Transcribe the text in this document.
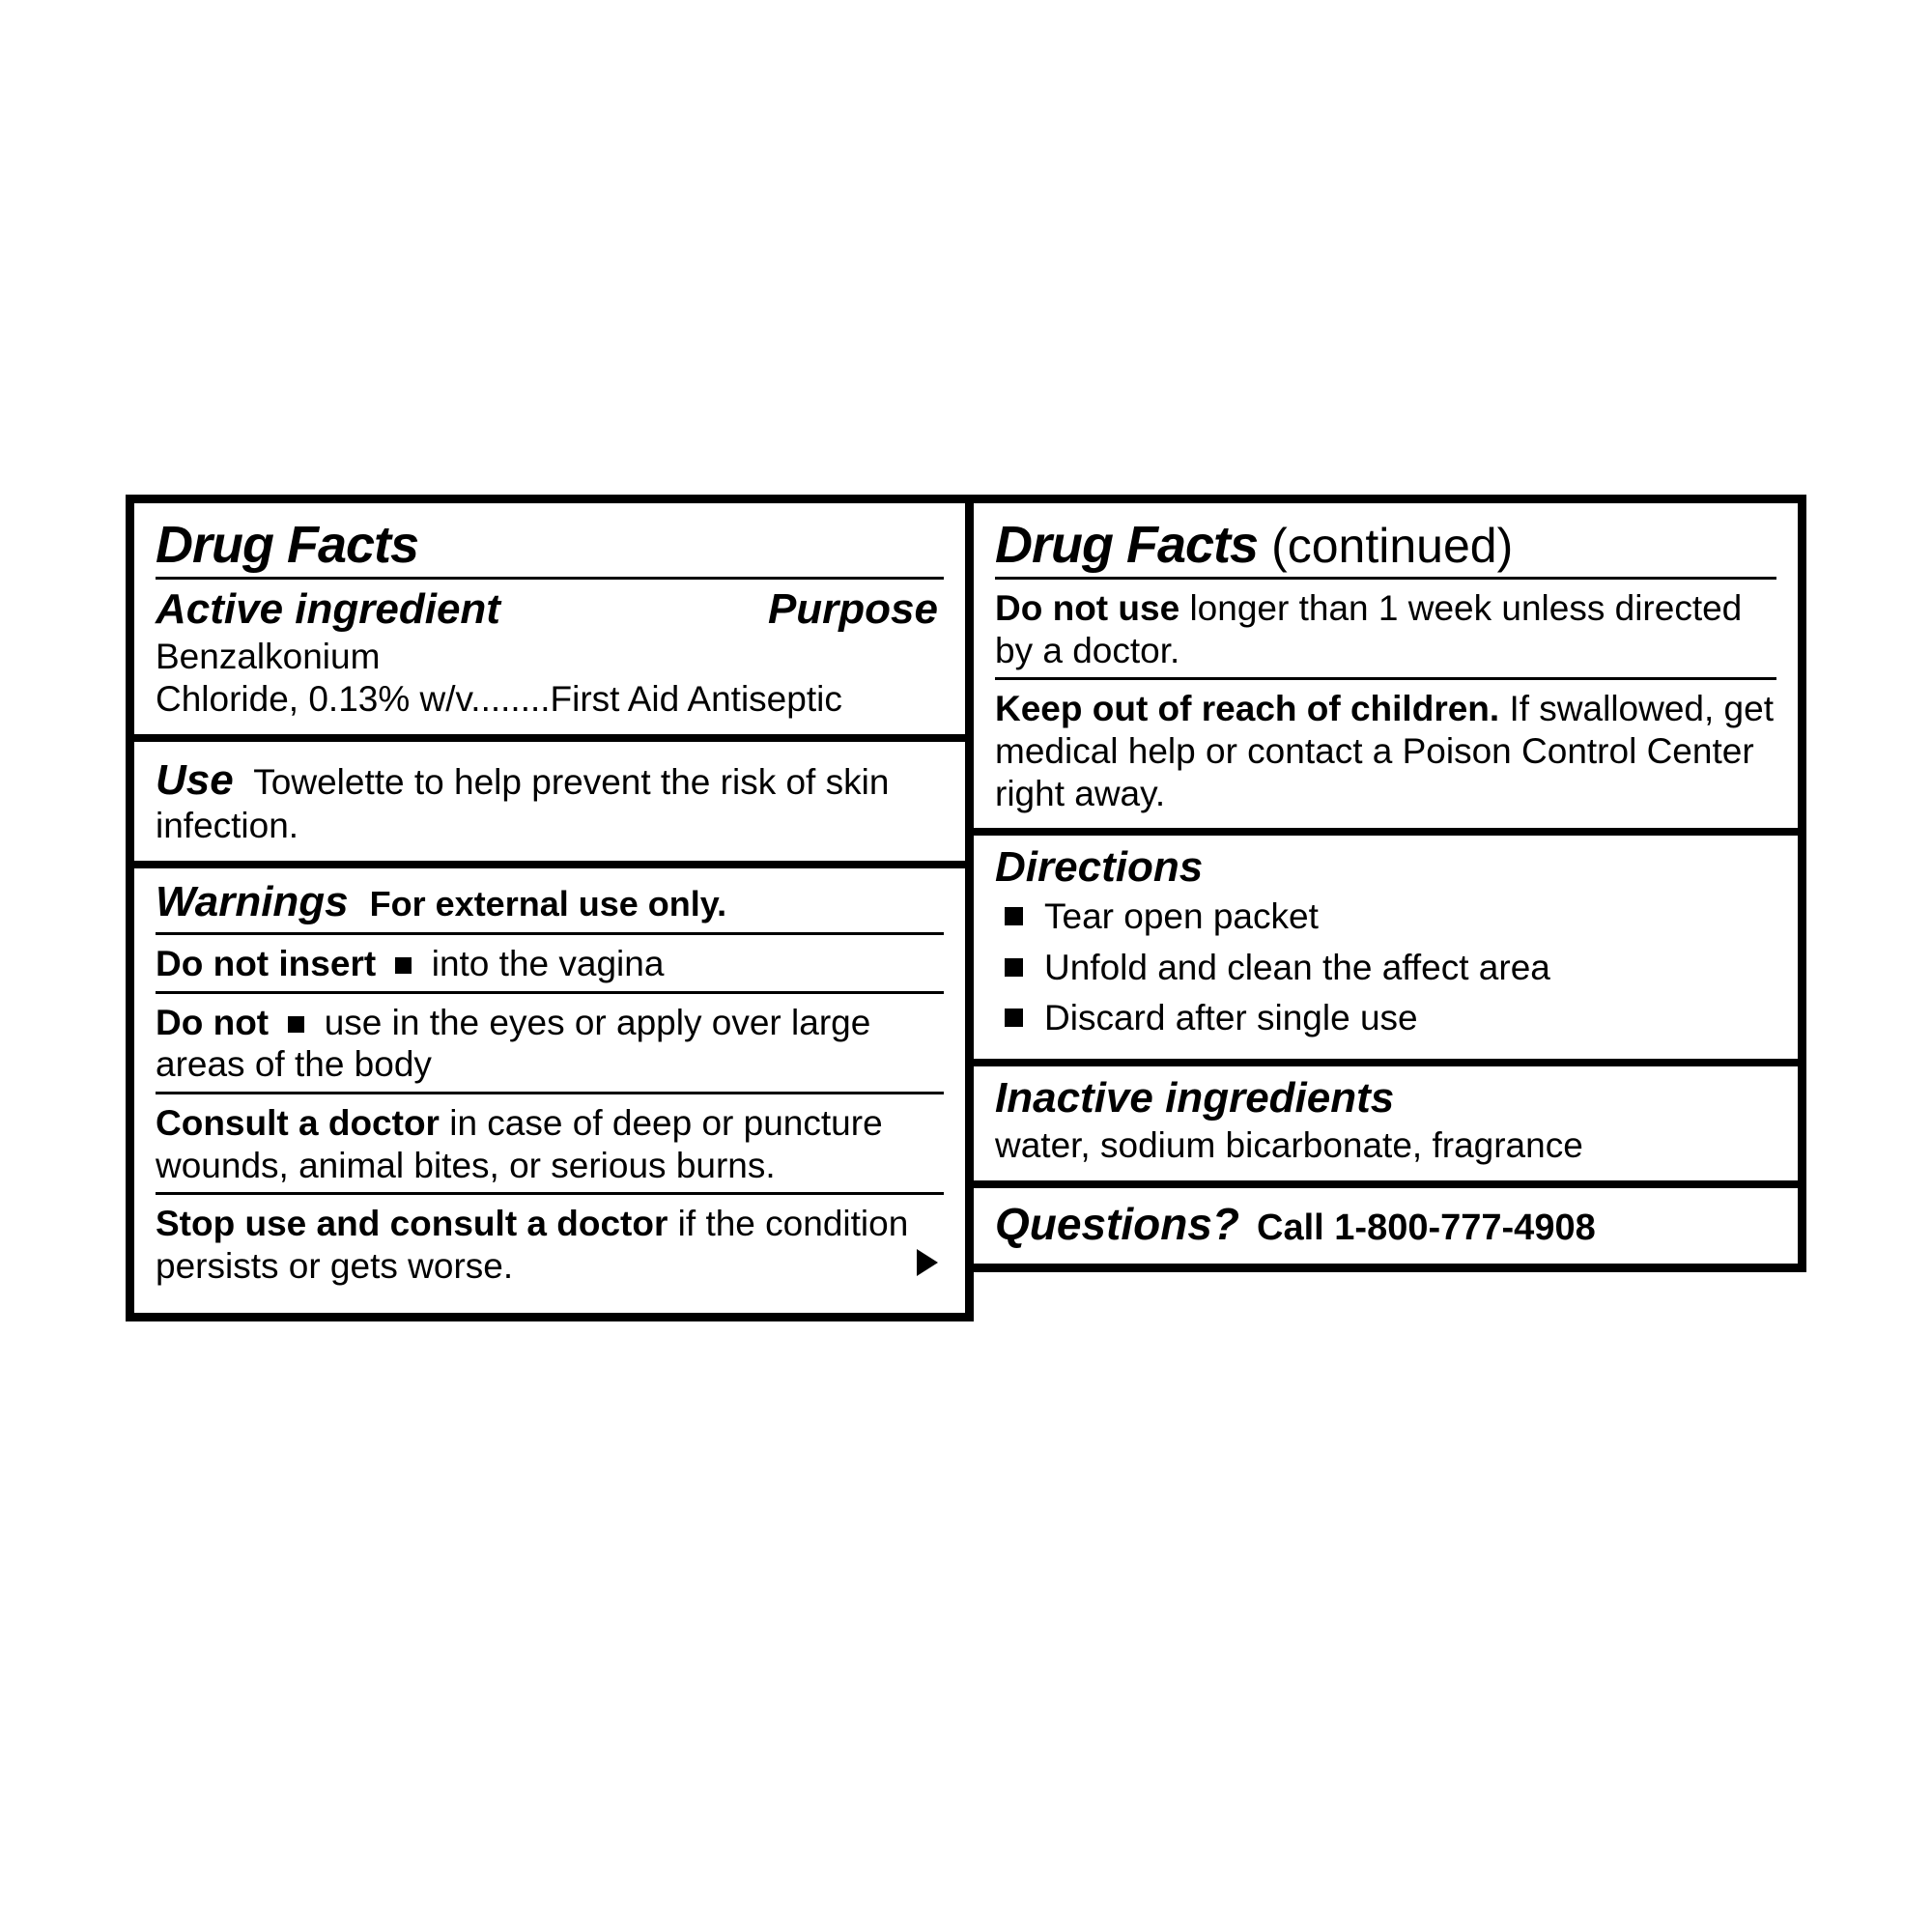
Drug Facts (continued)
Do not use longer than 1 week unless directed by a doctor.
Keep out of reach of children. If swallowed, get medical help or contact a Poison Control Center right away.
Directions
Tear open packet
Unfold and clean the affect area
Discard after single use
Inactive ingredients
water, sodium bicarbonate, fragrance
Questions? Call 1-800-777-4908
Drug Facts
Active ingredient	Purpose
Benzalkonium
Chloride, 0.13% w/v........First Aid Antiseptic
Use Towelette to help prevent the risk of skin infection.
Warnings For external use only.
Do not insert into the vagina
Do not use in the eyes or apply over large areas of the body
Consult a doctor in case of deep or puncture wounds, animal bites, or serious burns.
Stop use and consult a doctor if the condition persists or gets worse.
